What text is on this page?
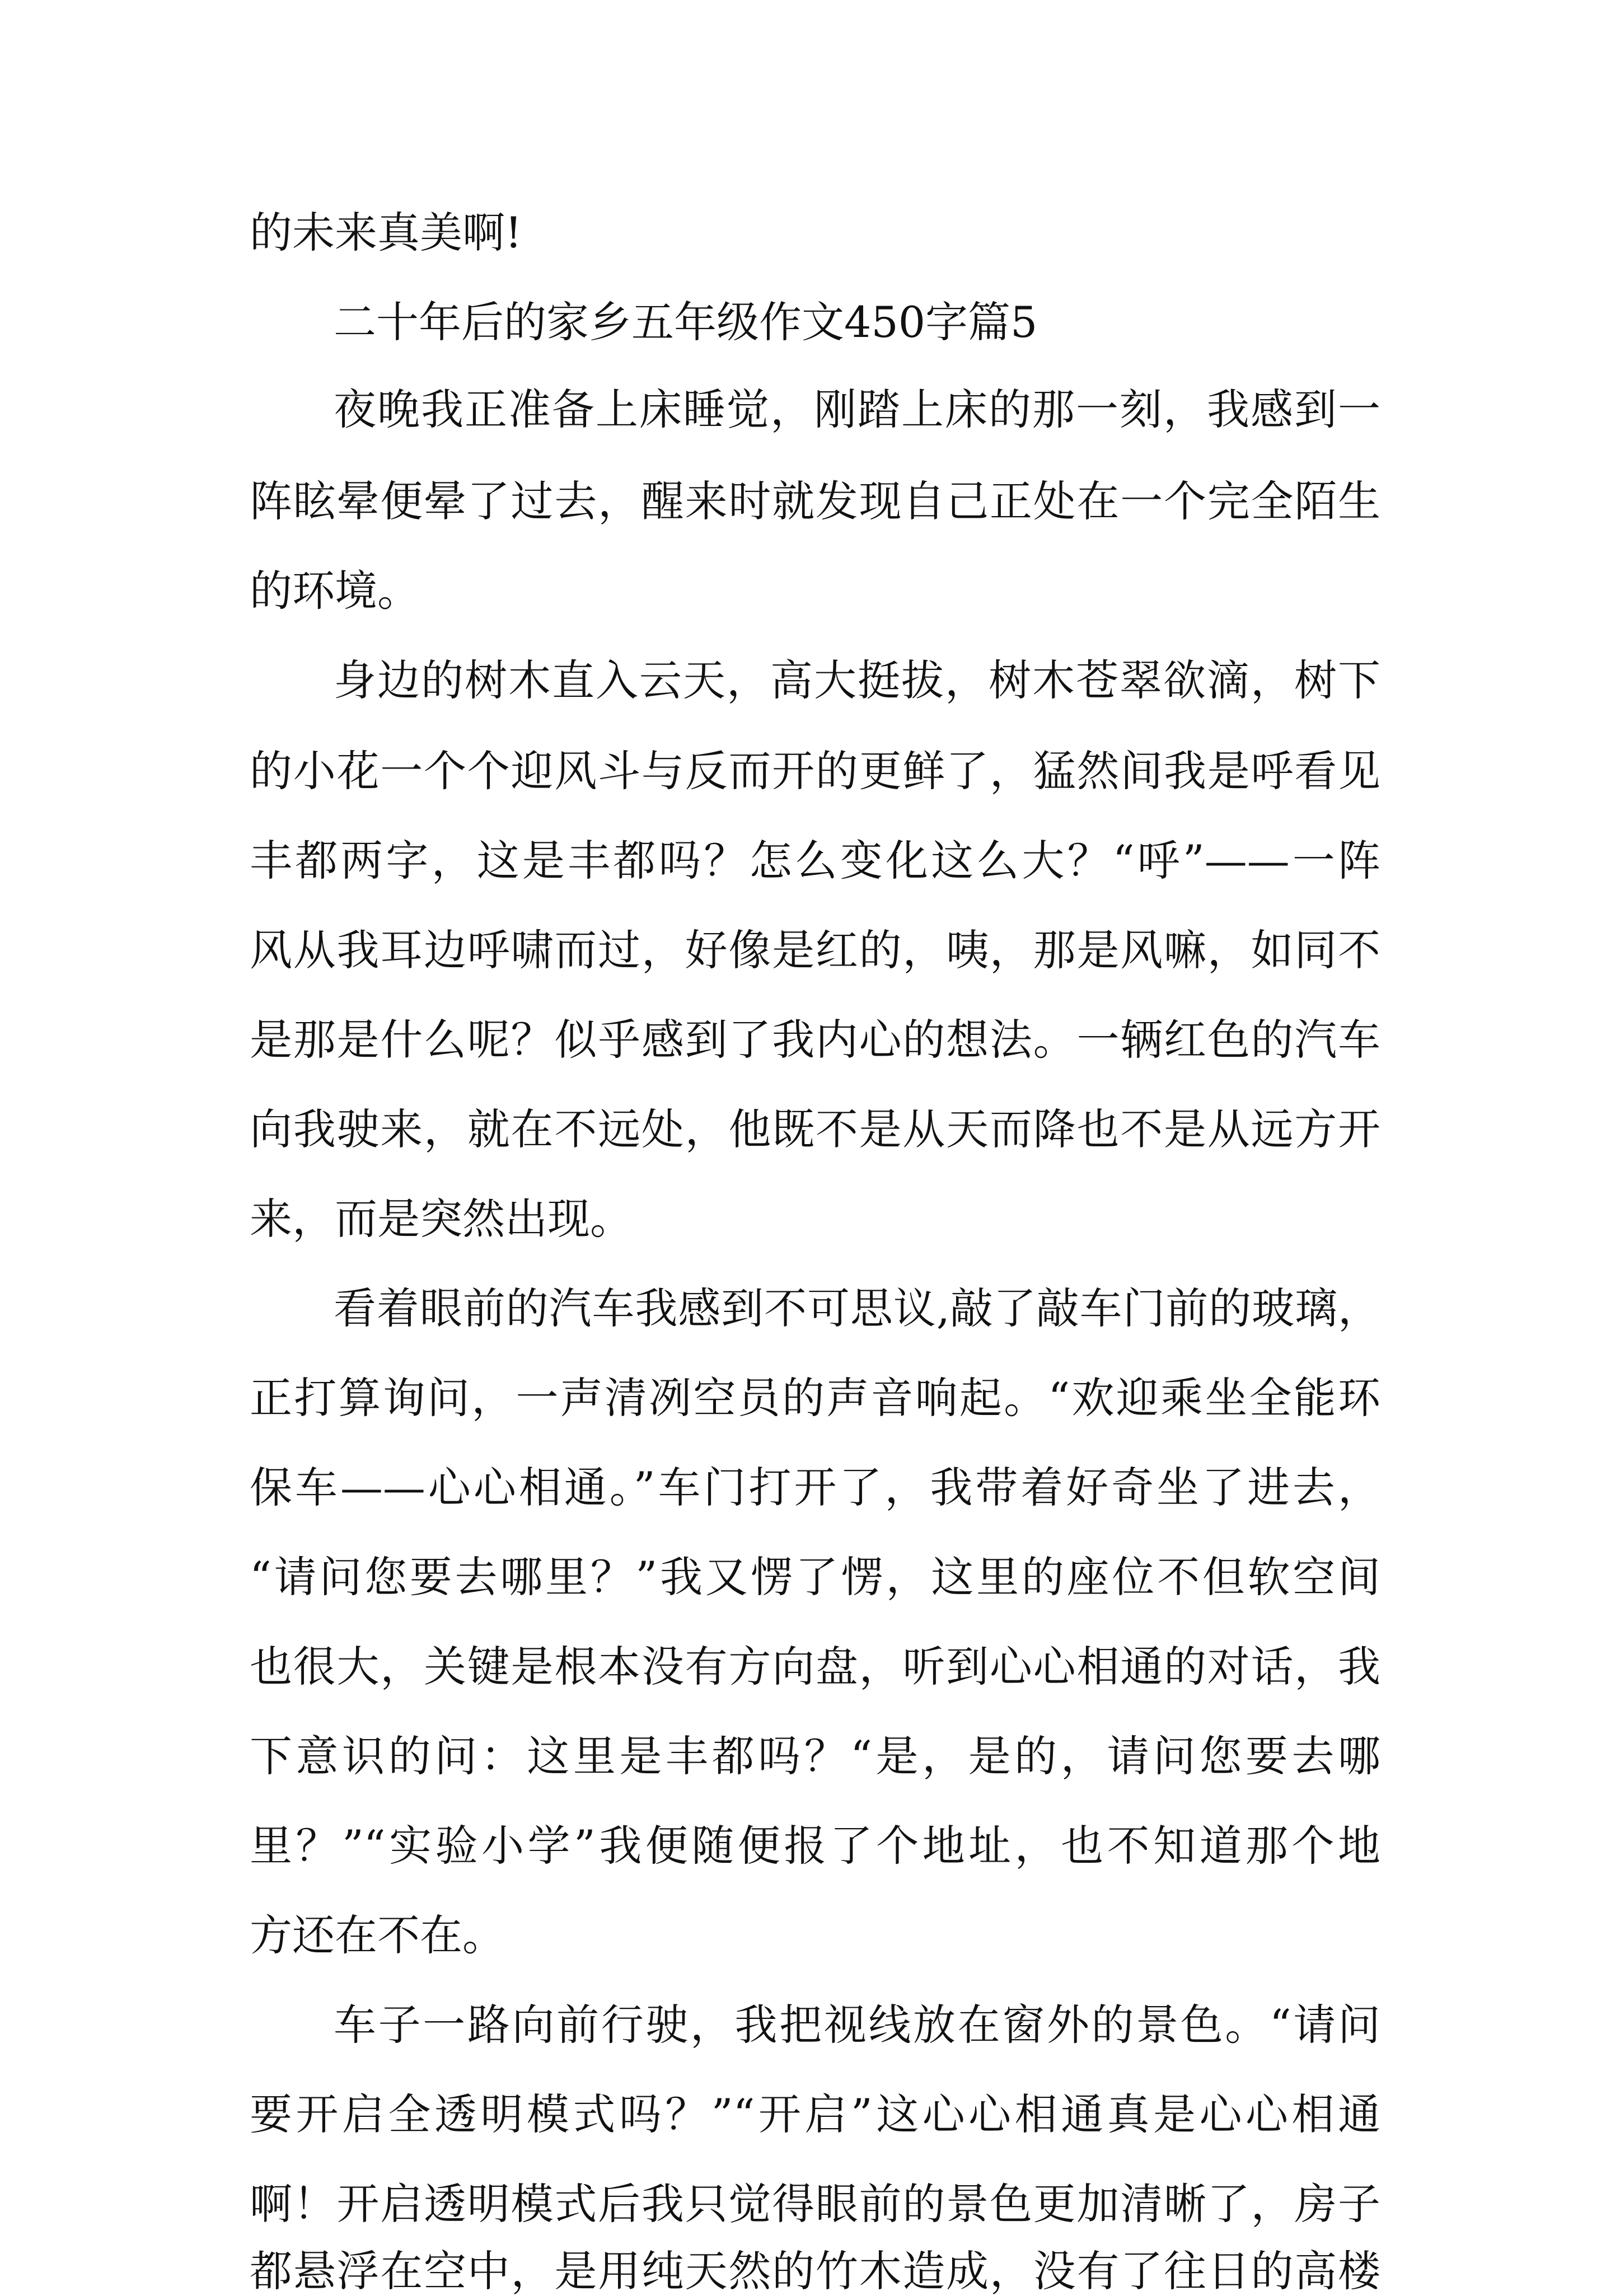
的未来真美啊!
二十年后的家乡五年级作文450字篇5
夜晚我正准备上床睡觉，刚踏上床的那一刻，我感到一
阵眩晕便晕了过去，醒来时就发现自己正处在一个完全陌生
的环境。
身边的树木直入云天，高大挺拔，树木苍翠欲滴，树下
的小花一个个迎风斗与反而开的更鲜了，猛然间我是呼看见
丰都两字，这是丰都吗？怎么变化这么大？“呼”——一阵
风从我耳边呼啸而过，好像是红的，咦，那是风嘛，如同不
是那是什么呢？似乎感到了我内心的想法。一辆红色的汽车
向我驶来，就在不远处，他既不是从天而降也不是从远方开
来，而是突然出现。
看着眼前的汽车我感到不可思议,敲了敲车门前的玻璃，
正打算询问，一声清冽空员的声音响起。“欢迎乘坐全能环
保车——心心相通。”车门打开了，我带着好奇坐了进去，
“请问您要去哪里？”我又愣了愣，这里的座位不但软空间
也很大，关键是根本没有方向盘，听到心心相通的对话，我
下意识的问：这里是丰都吗？“是，是的，请问您要去哪
里？”“实验小学”我便随便报了个地址，也不知道那个地
方还在不在。
车子一路向前行驶，我把视线放在窗外的景色。“请问
要开启全透明模式吗？”“开启”这心心相通真是心心相通
啊！开启透明模式后我只觉得眼前的景色更加清晰了，房子
都悬浮在空中，是用纯天然的竹木造成，没有了往日的高楼
